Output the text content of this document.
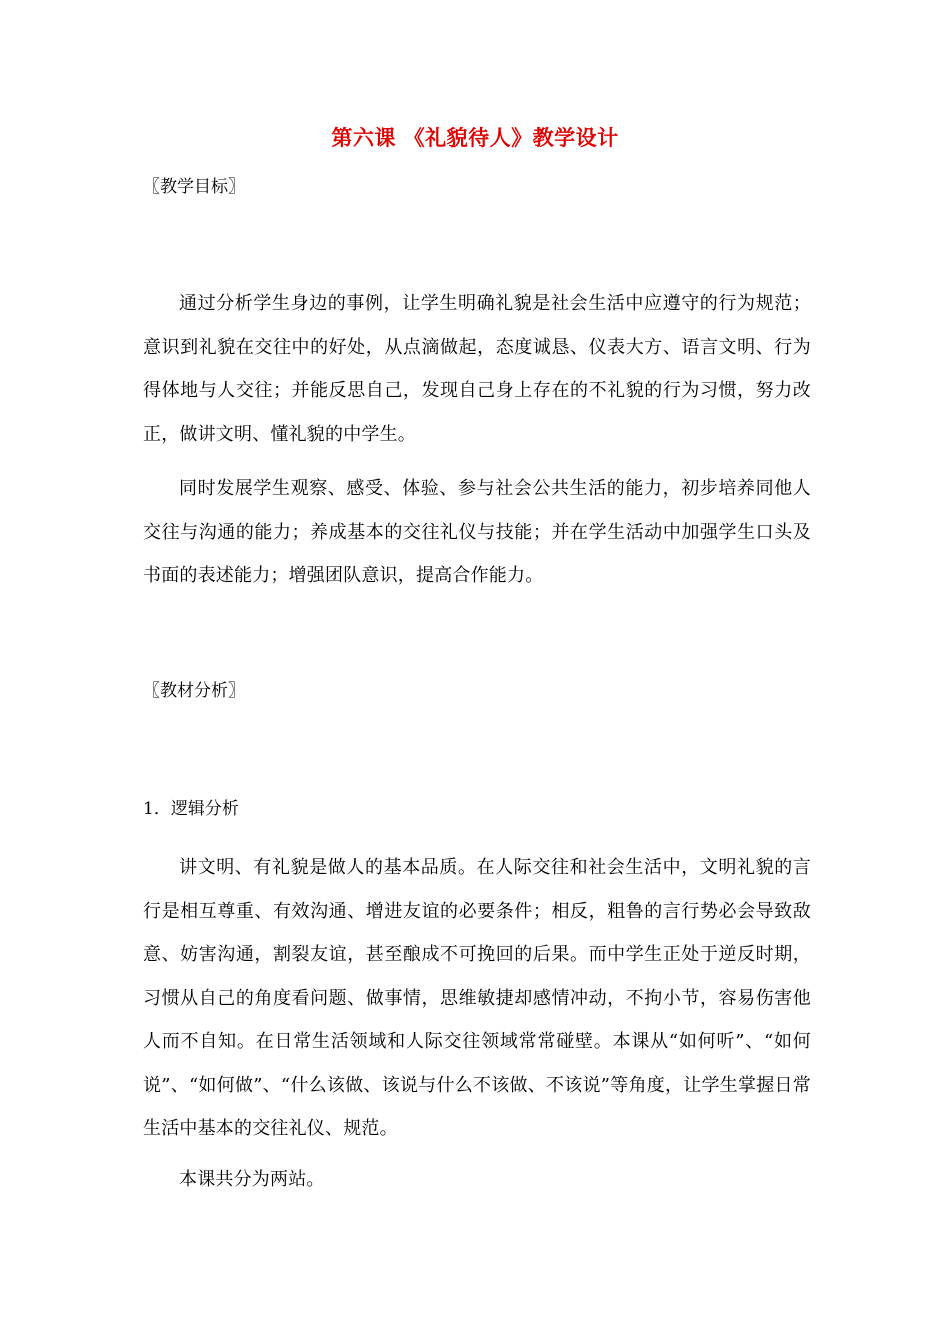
第六课 《礼貌待人》教学设计
〖教学目标〗
通过分析学生身边的事例，让学生明确礼貌是社会生活中应遵守的行为规范；意识到礼貌在交往中的好处，从点滴做起，态度诚恳、仪表大方、语言文明、行为得体地与人交往；并能反思自己，发现自己身上存在的不礼貌的行为习惯，努力改正，做讲文明、懂礼貌的中学生。
同时发展学生观察、感受、体验、参与社会公共生活的能力，初步培养同他人交往与沟通的能力；养成基本的交往礼仪与技能；并在学生活动中加强学生口头及书面的表述能力；增强团队意识，提高合作能力。
〖教材分析〗
1．逻辑分析
讲文明、有礼貌是做人的基本品质。在人际交往和社会生活中，文明礼貌的言行是相互尊重、有效沟通、增进友谊的必要条件；相反，粗鲁的言行势必会导致敌意、妨害沟通，割裂友谊，甚至酿成不可挽回的后果。而中学生正处于逆反时期，习惯从自己的角度看问题、做事情，思维敏捷却感情冲动，不拘小节，容易伤害他人而不自知。在日常生活领域和人际交往领域常常碰壁。本课从“如何听”、“如何说”、“如何做”、“什么该做、该说与什么不该做、不该说”等角度，让学生掌握日常生活中基本的交往礼仪、规范。
本课共分为两站。
